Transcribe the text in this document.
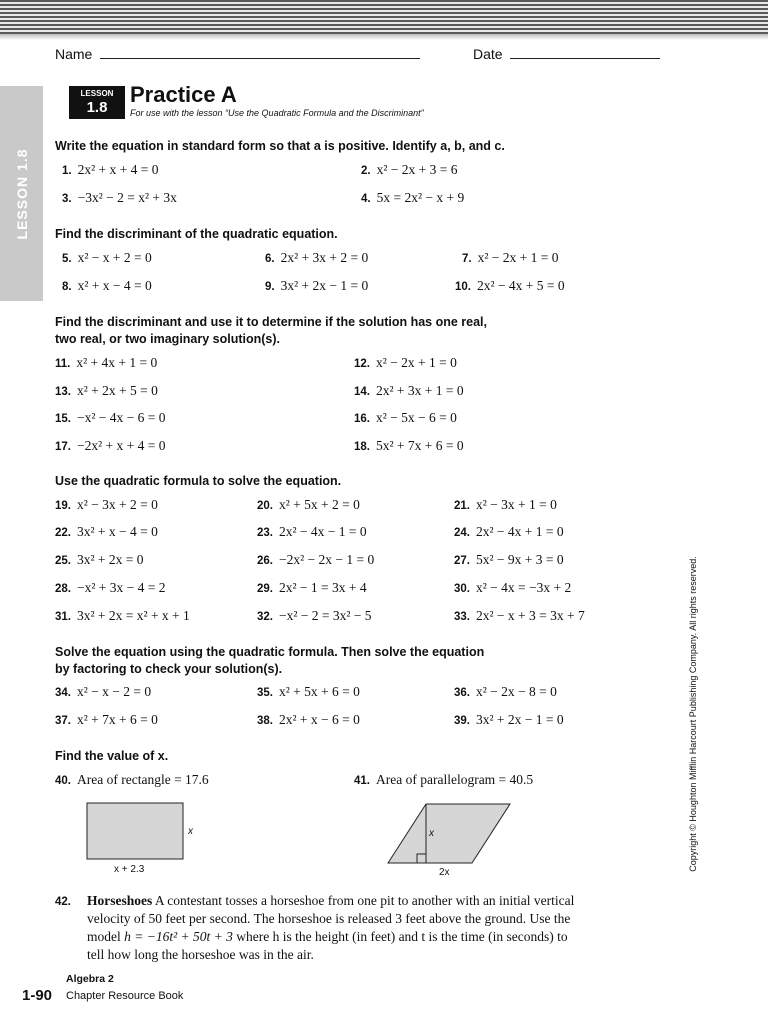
LESSON 1.8
Name	Date
LESSON
1.8
Practice A
For use with the lesson “Use the Quadratic Formula and the Discriminant”
Write the equation in standard form so that a is positive. Identify a, b, and c.
1. 2x² + x + 4 = 0	2. x² − 2x + 3 = 6
3. −3x² − 2 = x² + 3x	4. 5x = 2x² − x + 9
Find the discriminant of the quadratic equation.
5. x² − x + 2 = 0	6. 2x² + 3x + 2 = 0	7. x² − 2x + 1 = 0
8. x² + x − 4 = 0	9. 3x² + 2x − 1 = 0	10. 2x² − 4x + 5 = 0
Find the discriminant and use it to determine if the solution has one real,
two real, or two imaginary solution(s).
11. x² + 4x + 1 = 0	12. x² − 2x + 1 = 0
13. x² + 2x + 5 = 0	14. 2x² + 3x + 1 = 0
15. −x² − 4x − 6 = 0	16. x² − 5x − 6 = 0
17. −2x² + x + 4 = 0	18. 5x² + 7x + 6 = 0
Use the quadratic formula to solve the equation.
19. x² − 3x + 2 = 0	20. x² + 5x + 2 = 0	21. x² − 3x + 1 = 0
22. 3x² + x − 4 = 0	23. 2x² − 4x − 1 = 0	24. 2x² − 4x + 1 = 0
25. 3x² + 2x = 0	26. −2x² − 2x − 1 = 0	27. 5x² − 9x + 3 = 0
28. −x² + 3x − 4 = 2	29. 2x² − 1 = 3x + 4	30. x² − 4x = −3x + 2
31. 3x² + 2x = x² + x + 1	32. −x² − 2 = 3x² − 5	33. 2x² − x + 3 = 3x + 7
Solve the equation using the quadratic formula. Then solve the equation
by factoring to check your solution(s).
34. x² − x − 2 = 0	35. x² + 5x + 6 = 0	36. x² − 2x − 8 = 0
37. x² + 7x + 6 = 0	38. 2x² + x − 6 = 0	39. 3x² + 2x − 1 = 0
Find the value of x.
40. Area of rectangle = 17.6	41. Area of parallelogram = 40.5
x
x + 2.3
x
2x
42. Horseshoes A contestant tosses a horseshoe from one pit to another with an initial vertical velocity of 50 feet per second. The horseshoe is released 3 feet above the ground. Use the model h = −16t² + 50t + 3 where h is the height (in feet) and t is the time (in seconds) to tell how long the horseshoe was in the air.
Copyright © Houghton Mifflin Harcourt Publishing Company. All rights reserved.
1-90
Algebra 2
Chapter Resource Book
